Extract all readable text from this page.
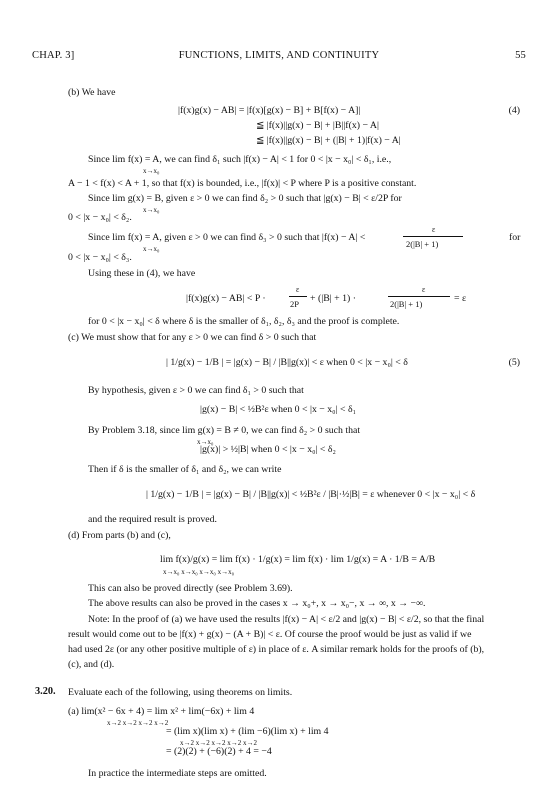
CHAP. 3]	FUNCTIONS, LIMITS, AND CONTINUITY	55
(b) We have
|f(x)g(x) − AB| = |f(x)[g(x) − B] + B[f(x) − A]|
≦ |f(x)||g(x) − B| + |B||f(x) − A|
≦ |f(x)||g(x) − B| + (|B| + 1)|f(x) − A|
(4)
Since lim f(x) = A, we can find δ₁ such |f(x) − A| < 1 for 0 < |x − x₀| < δ₁, i.e.,
x→x₀
A − 1 < f(x) < A + 1, so that f(x) is bounded, i.e., |f(x)| < P where P is a positive constant.
Since lim g(x) = B, given ε > 0 we can find δ₂ > 0 such that |g(x) − B| < ε/2P for
x→x₀
0 < |x − x₀| < δ₂.
Since lim f(x) = A, given ε > 0 we can find δ₃ > 0 such that |f(x) − A| <
ε
2(|B| + 1)
for
x→x₀
0 < |x − x₀| < δ₃.
Using these in (4), we have
|f(x)g(x) − AB| < P ·
ε
2P + (|B| + 1) ·
ε
2(|B| + 1)	= ε
for 0 < |x − x₀| < δ where δ is the smaller of δ₁, δ₂, δ₃ and the proof is complete.
(c) We must show that for any ε > 0 we can find δ > 0 such that
| 1/g(x) − 1/B | = |g(x) − B| / |B||g(x)| < ε when 0 < |x − x₀| < δ	(5)
By hypothesis, given ε > 0 we can find δ₁ > 0 such that
|g(x) − B| < ½B²ε when 0 < |x − x₀| < δ₁
By Problem 3.18, since lim g(x) = B ≠ 0, we can find δ₂ > 0 such that
x→x₀
|g(x)| > ½|B| when 0 < |x − x₀| < δ₂
Then if δ is the smaller of δ₁ and δ₂, we can write
| 1/g(x) − 1/B | = |g(x) − B| / |B||g(x)| < ½B²ε / |B|·½|B| = ε whenever 0 < |x − x₀| < δ
and the required result is proved.
(d) From parts (b) and (c),
lim f(x)/g(x) = lim f(x) · 1/g(x) = lim f(x) · lim 1/g(x) = A · 1/B = A/B
x→x₀ x→x₀ x→x₀ x→x₀
This can also be proved directly (see Problem 3.69).
The above results can also be proved in the cases x → x₀+, x → x₀−, x → ∞, x → −∞.
Note: In the proof of (a) we have used the results |f(x) − A| < ε/2 and |g(x) − B| < ε/2, so that the final
result would come out to be |f(x) + g(x) − (A + B)| < ε. Of course the proof would be just as valid if we
had used 2ε (or any other positive multiple of ε) in place of ε. A similar remark holds for the proofs of (b),
(c), and (d).
3.20. Evaluate each of the following, using theorems on limits.
(a) lim(x² − 6x + 4) = lim x² + lim(−6x) + lim 4
x→2 x→2 x→2 x→2
= (lim x)(lim x) + (lim −6)(lim x) + lim 4
x→2 x→2 x→2 x→2 x→2
= (2)(2) + (−6)(2) + 4 = −4
In practice the intermediate steps are omitted.
